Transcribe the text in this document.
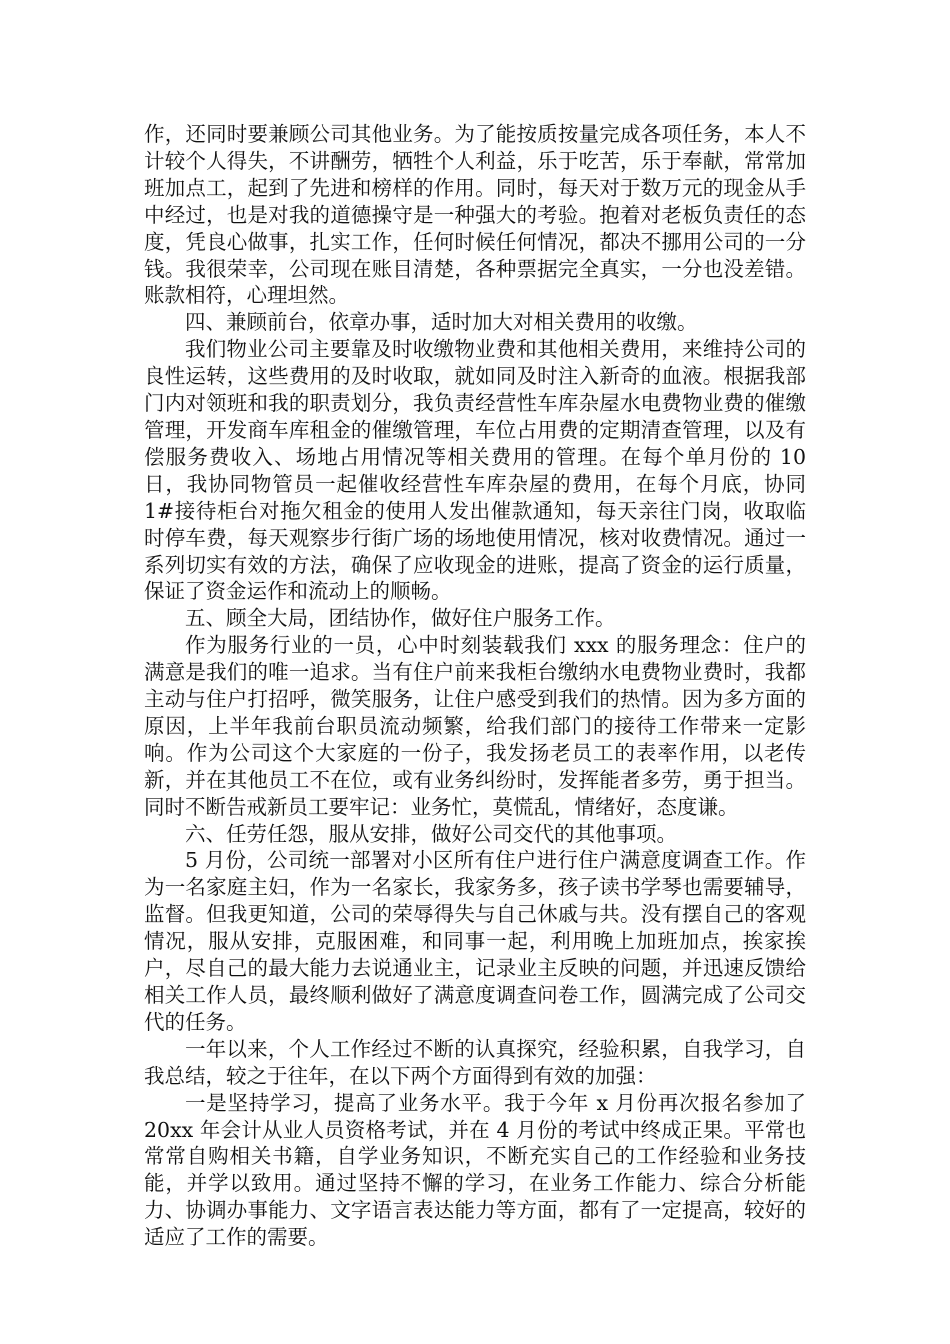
作，还同时要兼顾公司其他业务。为了能按质按量完成各项任务，本人不计较个人得失，不讲酬劳，牺牲个人利益，乐于吃苦，乐于奉献，常常加班加点工，起到了先进和榜样的作用。同时，每天对于数万元的现金从手中经过，也是对我的道德操守是一种强大的考验。抱着对老板负责任的态度，凭良心做事，扎实工作，任何时候任何情况，都决不挪用公司的一分钱。我很荣幸，公司现在账目清楚，各种票据完全真实，一分也没差错。账款相符，心理坦然。

四、兼顾前台，依章办事，适时加大对相关费用的收缴。

我们物业公司主要靠及时收缴物业费和其他相关费用，来维持公司的良性运转，这些费用的及时收取，就如同及时注入新奇的血液。根据我部门内对领班和我的职责划分，我负责经营性车库杂屋水电费物业费的催缴管理，开发商车库租金的催缴管理，车位占用费的定期清查管理，以及有偿服务费收入、场地占用情况等相关费用的管理。在每个单月份的 10 日，我协同物管员一起催收经营性车库杂屋的费用，在每个月底，协同 1#接待柜台对拖欠租金的使用人发出催款通知，每天亲往门岗，收取临时停车费，每天观察步行街广场的场地使用情况，核对收费情况。通过一系列切实有效的方法，确保了应收现金的进账，提高了资金的运行质量，保证了资金运作和流动上的顺畅。

五、顾全大局，团结协作，做好住户服务工作。

作为服务行业的一员，心中时刻装载我们 xxx 的服务理念：住户的满意是我们的唯一追求。当有住户前来我柜台缴纳水电费物业费时，我都主动与住户打招呼，微笑服务，让住户感受到我们的热情。因为多方面的原因，上半年我前台职员流动频繁，给我们部门的接待工作带来一定影响。作为公司这个大家庭的一份子，我发扬老员工的表率作用，以老传新，并在其他员工不在位，或有业务纠纷时，发挥能者多劳，勇于担当。同时不断告戒新员工要牢记：业务忙，莫慌乱，情绪好，态度谦。

六、任劳任怨，服从安排，做好公司交代的其他事项。

5 月份，公司统一部署对小区所有住户进行住户满意度调查工作。作为一名家庭主妇，作为一名家长，我家务多，孩子读书学琴也需要辅导，监督。但我更知道，公司的荣辱得失与自己休戚与共。没有摆自己的客观情况，服从安排，克服困难，和同事一起，利用晚上加班加点，挨家挨户，尽自己的最大能力去说通业主，记录业主反映的问题，并迅速反馈给相关工作人员，最终顺利做好了满意度调查问卷工作，圆满完成了公司交代的任务。

一年以来，个人工作经过不断的认真探究，经验积累，自我学习，自我总结，较之于往年，在以下两个方面得到有效的加强：

一是坚持学习，提高了业务水平。我于今年 x 月份再次报名参加了 20xx 年会计从业人员资格考试，并在 4 月份的考试中终成正果。平常也常常自购相关书籍，自学业务知识，不断充实自己的工作经验和业务技能，并学以致用。通过坚持不懈的学习，在业务工作能力、综合分析能力、协调办事能力、文字语言表达能力等方面，都有了一定提高，较好的适应了工作的需要。
